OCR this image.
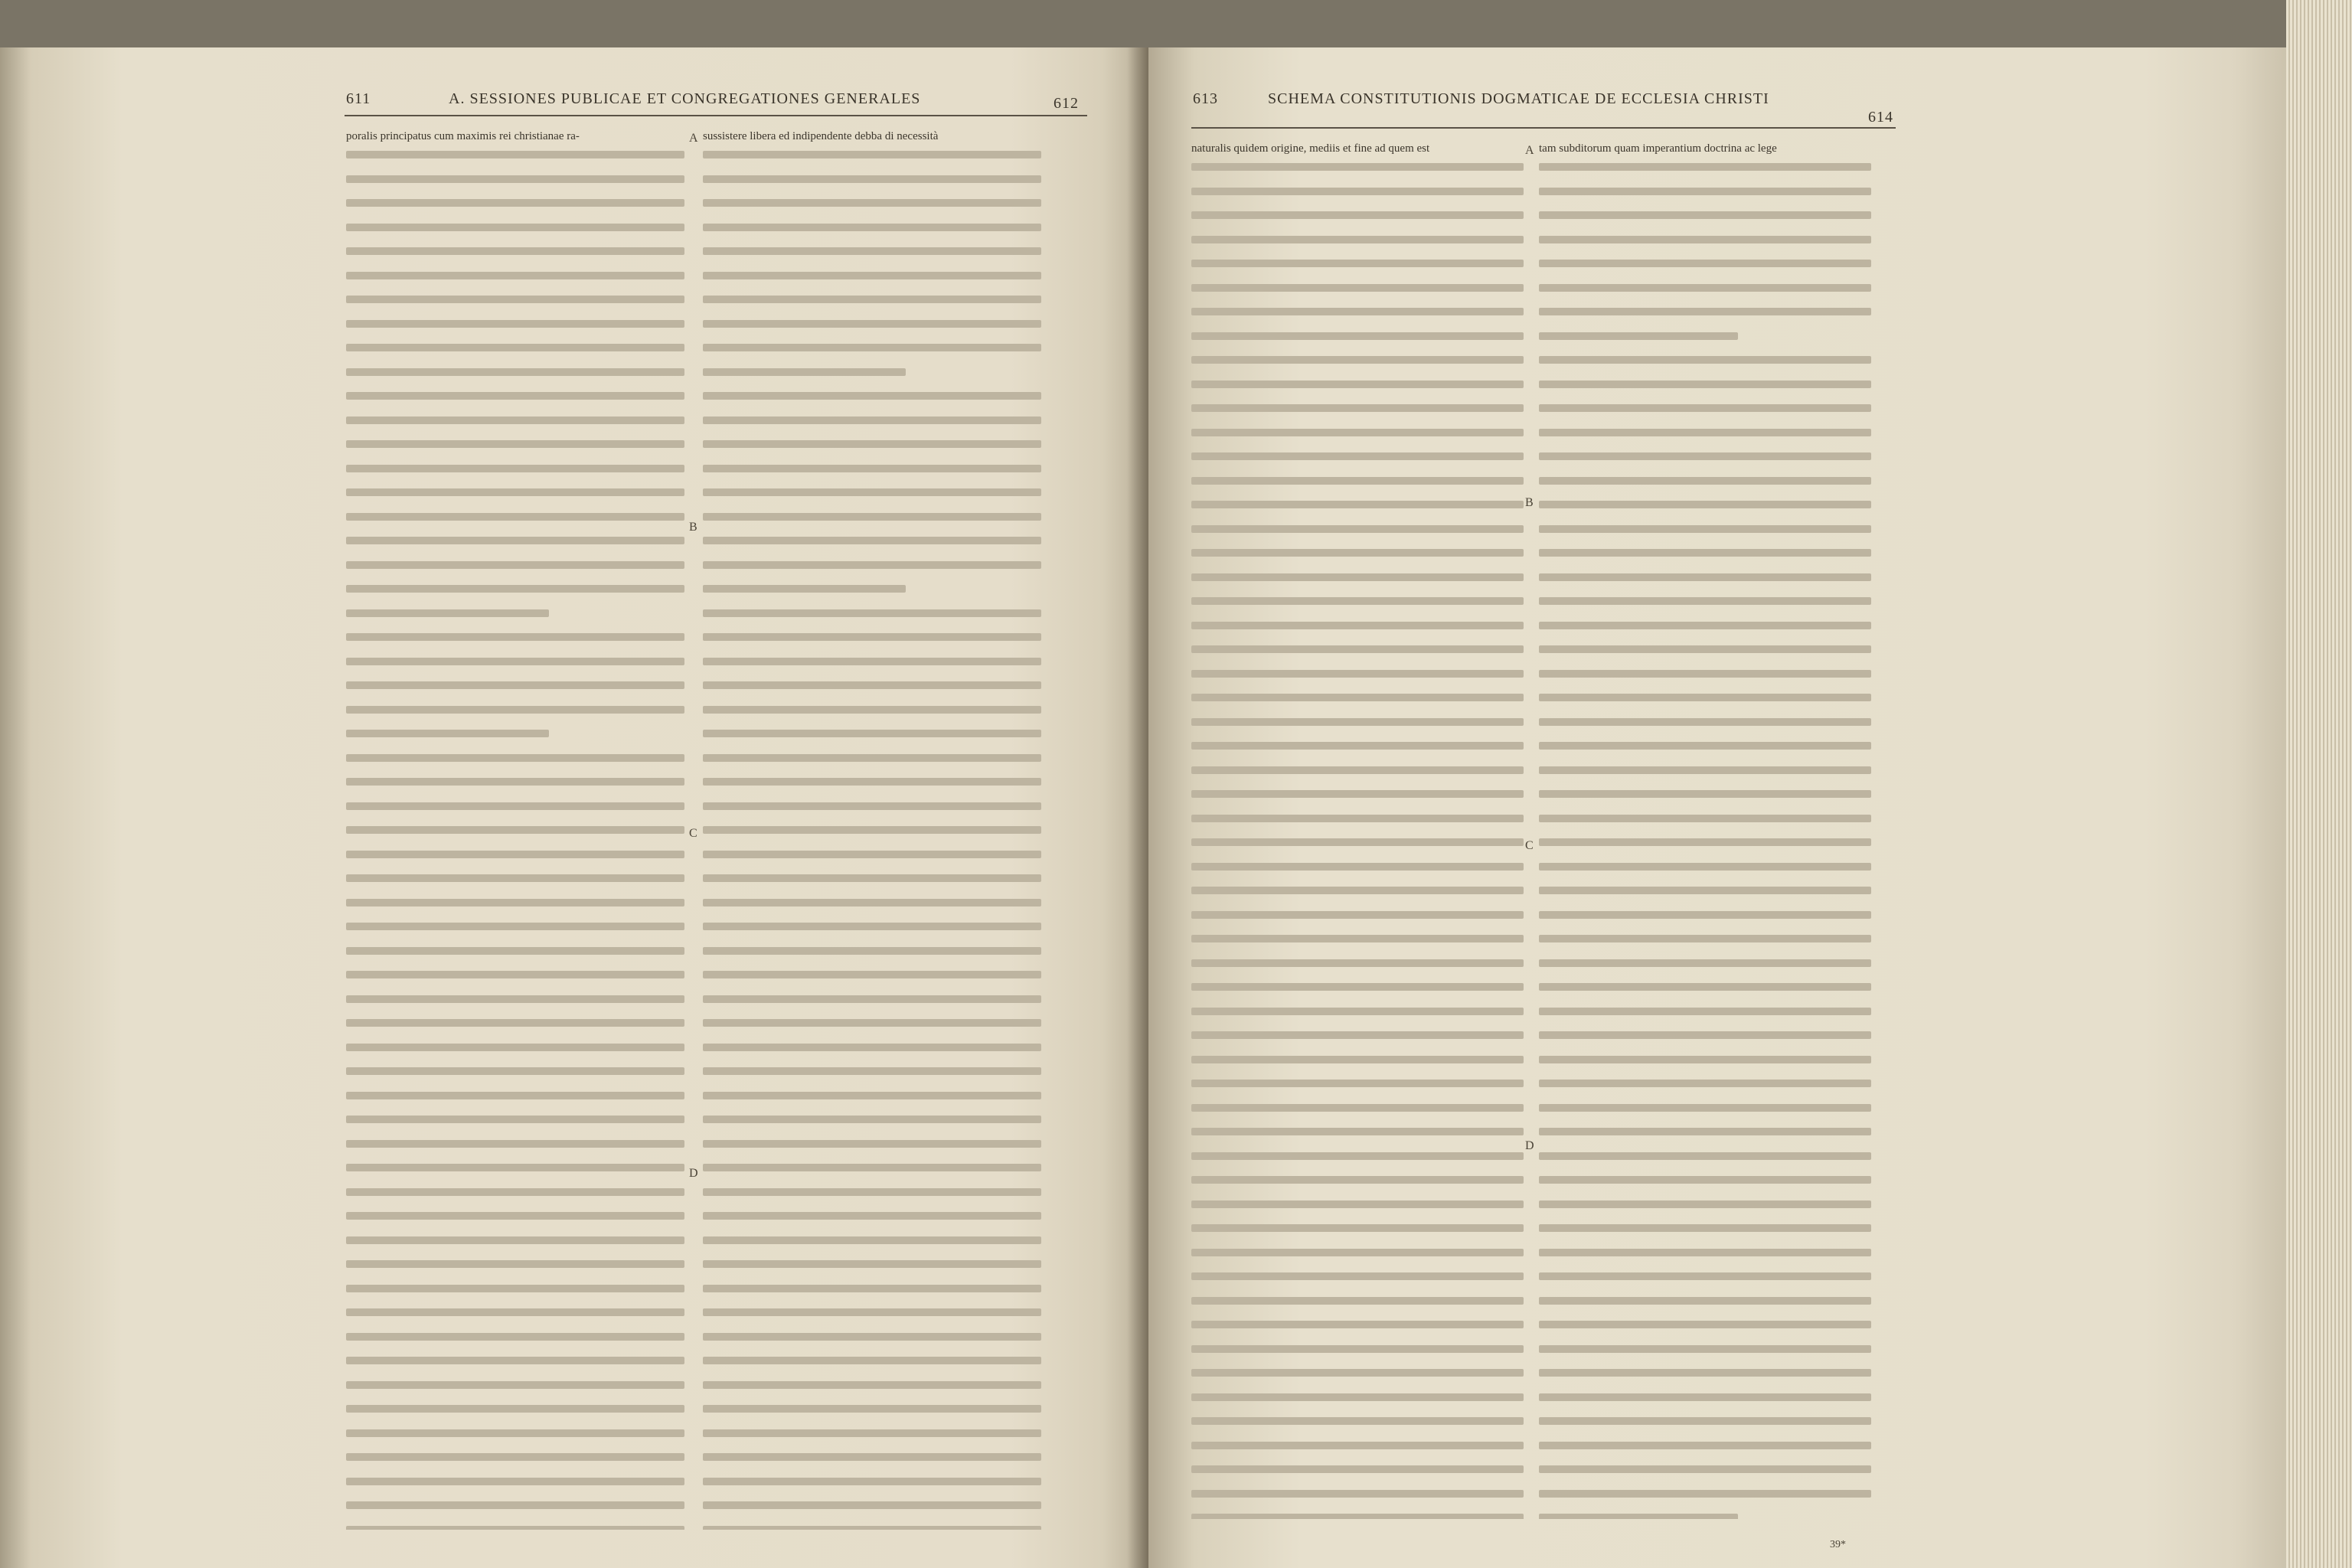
611	A. SESSIONES PUBLICAE ET CONGREGATIONES GENERALES	612
poralis principatus cum maximis rei christianae ra-	A
B
C
D
sussistere libera ed indipendente debba di necessità
613	SCHEMA CONSTITUTIONIS DOGMATICAE DE ECCLESIA CHRISTI
614
naturalis quidem origine, mediis et fine ad quem est	A
B
C
D
tam subditorum quam imperantium doctrina ac lege
39*
